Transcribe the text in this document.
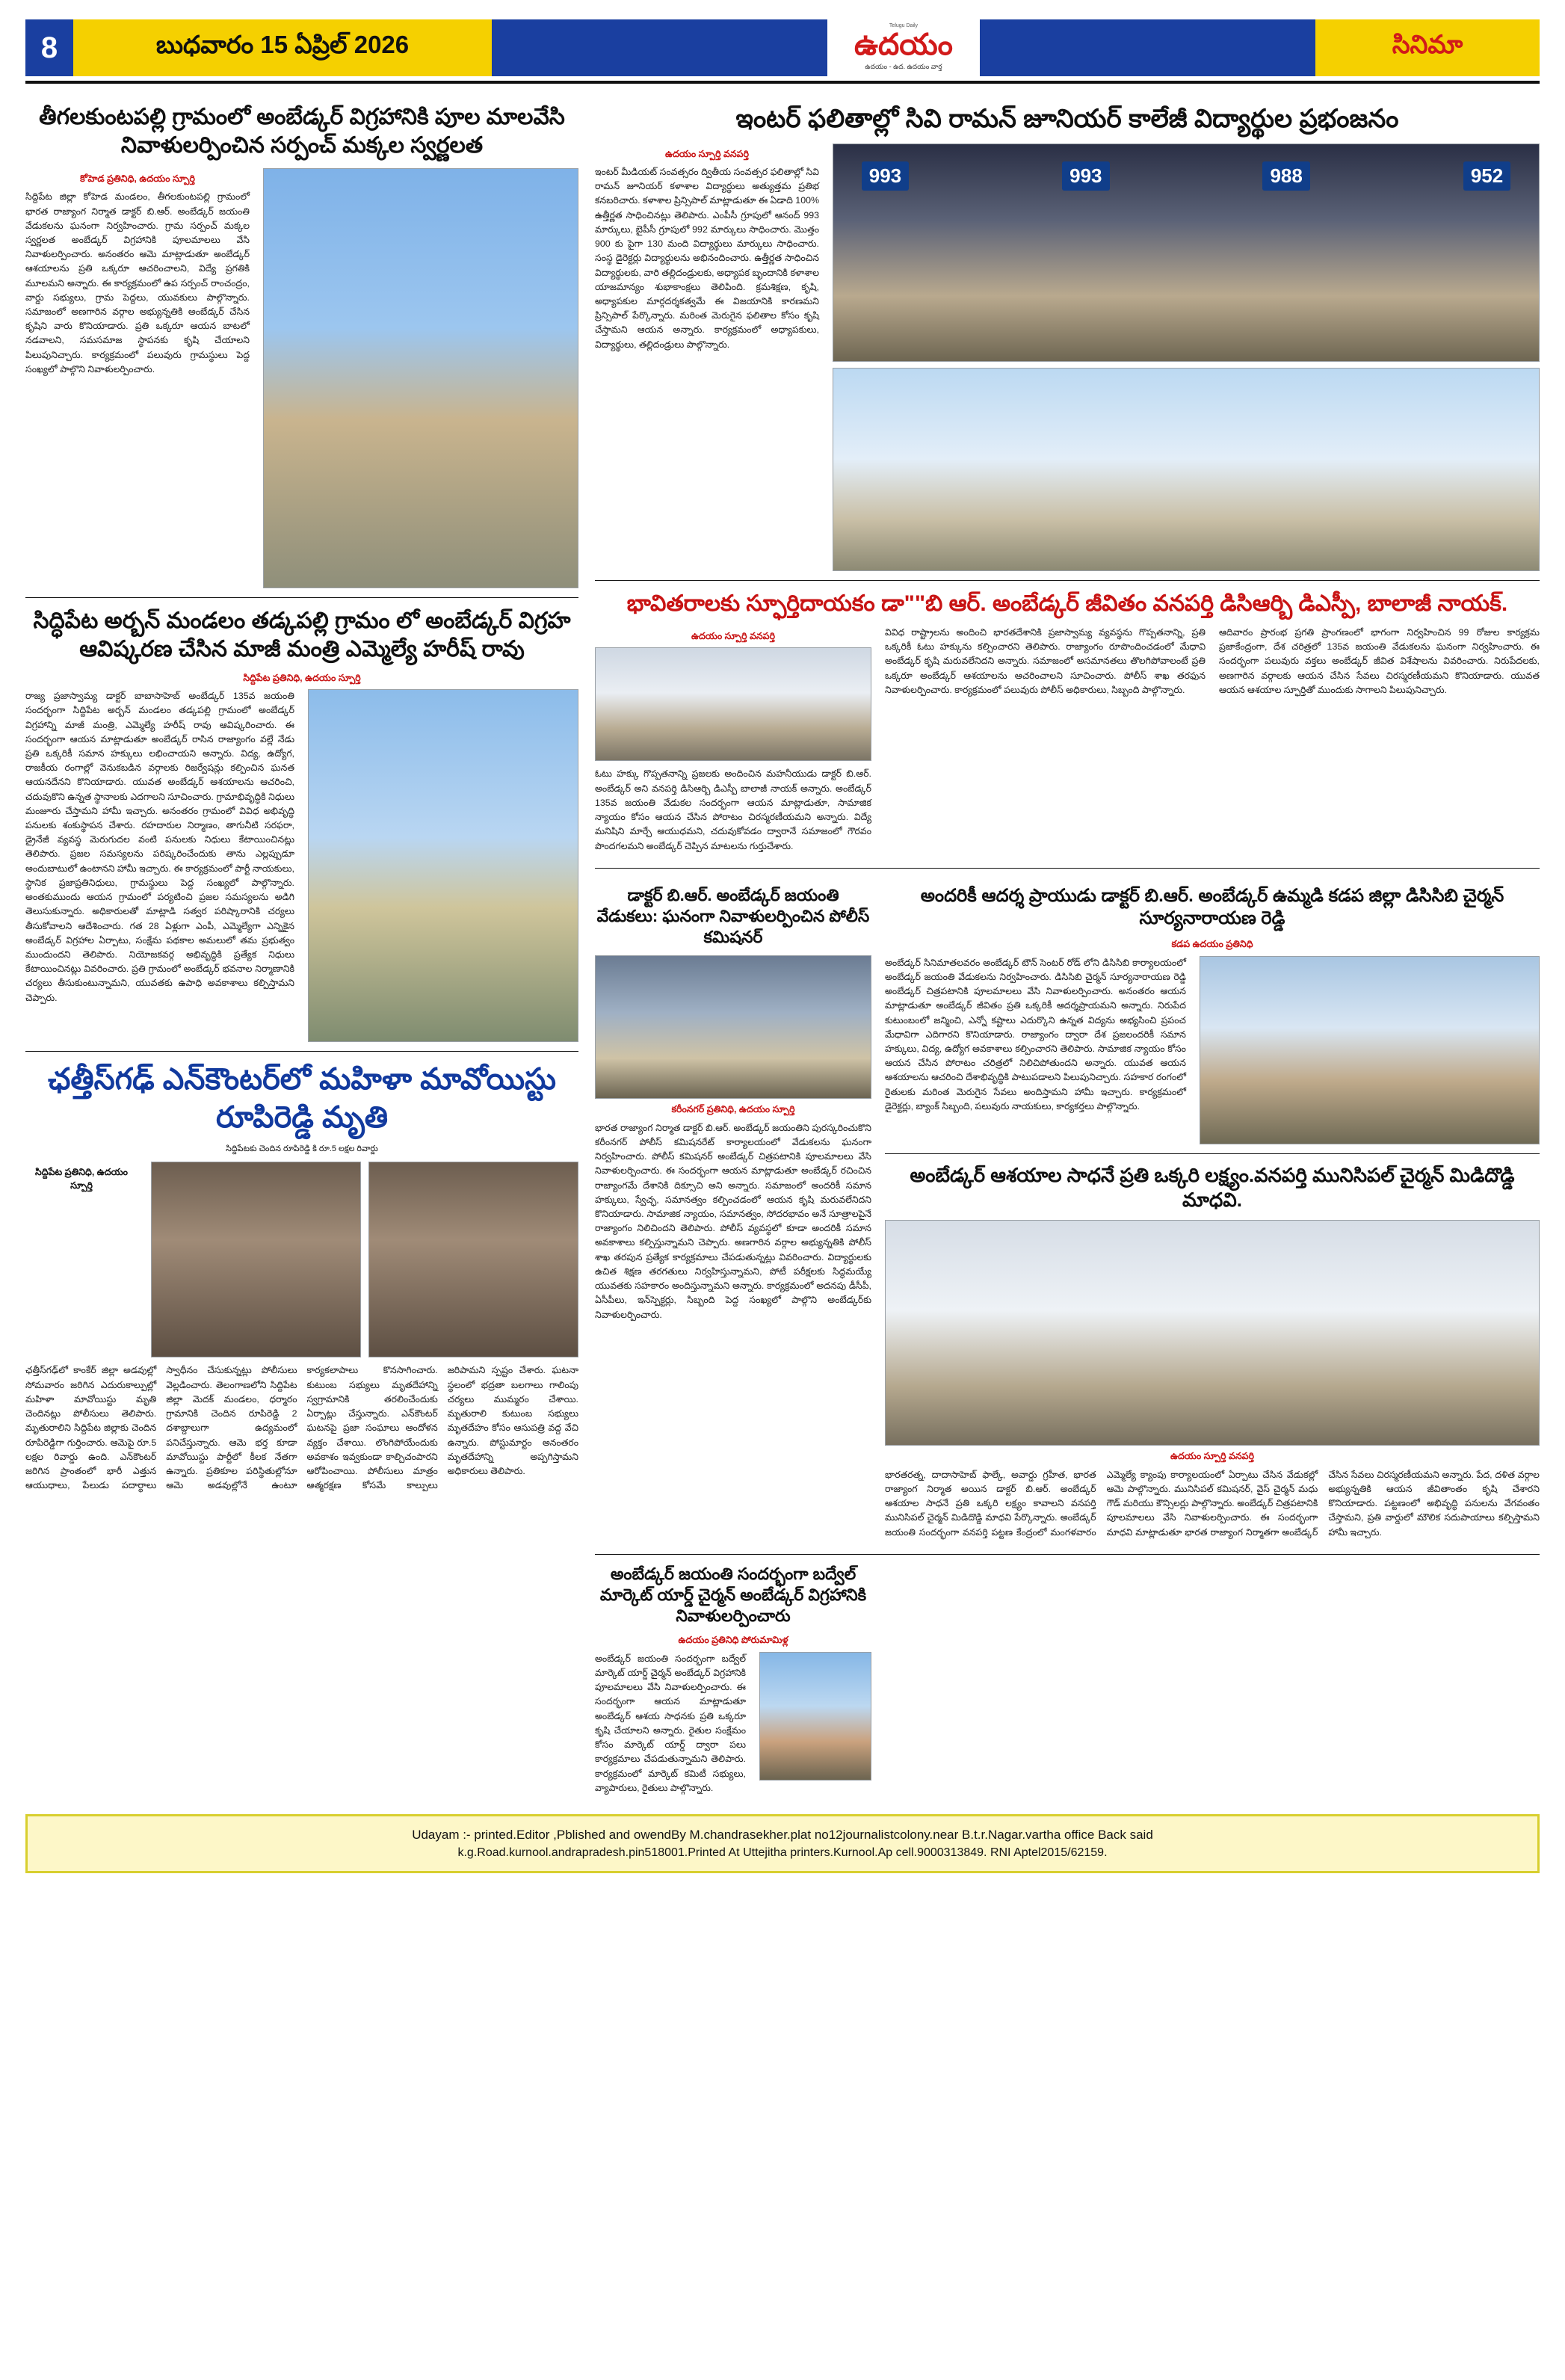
8	బుధవారం 15 ఏప్రిల్ 2026
Telugu Daily
ఉదయం
ఉదయం - ఉద. ఉదయం వార్త
సినిమా
తీగలకుంటపల్లి గ్రామంలో అంబేడ్కర్ విగ్రహానికి పూల మాలవేసి నివాళులర్పించిన సర్పంచ్ మక్కల స్వర్ణలత
కోహెడ ప్రతినిధి, ఉదయం స్పూర్తి

సిద్దిపేట జిల్లా కోహెడ మండలం, తీగలకుంటపల్లి గ్రామంలో భారత రాజ్యాంగ నిర్మాత డాక్టర్ బి.ఆర్. అంబేడ్కర్ జయంతి వేడుకలను ఘనంగా నిర్వహించారు. గ్రామ సర్పంచ్ మక్కల స్వర్ణలత అంబేడ్కర్ విగ్రహానికి పూలమాలలు వేసి నివాళులర్పించారు. అనంతరం ఆమె మాట్లాడుతూ అంబేడ్కర్ ఆశయాలను ప్రతి ఒక్కరూ ఆచరించాలని, విద్యే ప్రగతికి మూలమని అన్నారు. ఈ కార్యక్రమంలో ఉప సర్పంచ్ రాంచంద్రం, వార్డు సభ్యులు, గ్రామ పెద్దలు, యువకులు పాల్గొన్నారు. సమాజంలో అణగారిన వర్గాల అభ్యున్నతికి అంబేడ్కర్ చేసిన కృషిని వారు కొనియాడారు. ప్రతి ఒక్కరూ ఆయన బాటలో నడవాలని, సమసమాజ స్థాపనకు కృషి చేయాలని పిలుపునిచ్చారు. కార్యక్రమంలో పలువురు గ్రామస్థులు పెద్ద సంఖ్యలో పాల్గొని నివాళులర్పించారు.

సిద్ధిపేట అర్బన్ మండలం తడ్కపల్లి గ్రామం లో అంబేడ్కర్ విగ్రహ ఆవిష్కరణ చేసిన మాజీ మంత్రి ఎమ్మెల్యే హరీష్ రావు
సిద్దిపేట ప్రతినిధి, ఉదయం స్పూర్తి

రాజ్య ప్రజాస్వామ్య డాక్టర్ బాబాసాహెబ్ అంబేడ్కర్ 135వ జయంతి సందర్భంగా సిద్దిపేట అర్బన్ మండలం తడ్కపల్లి గ్రామంలో అంబేడ్కర్ విగ్రహాన్ని మాజీ మంత్రి, ఎమ్మెల్యే హరీష్ రావు ఆవిష్కరించారు. ఈ సందర్భంగా ఆయన మాట్లాడుతూ అంబేడ్కర్ రాసిన రాజ్యాంగం వల్లే నేడు ప్రతి ఒక్కరికీ సమాన హక్కులు లభించాయని అన్నారు. విద్య, ఉద్యోగ, రాజకీయ రంగాల్లో వెనుకబడిన వర్గాలకు రిజర్వేషన్లు కల్పించిన ఘనత ఆయనదేనని కొనియాడారు. యువత అంబేడ్కర్ ఆశయాలను ఆచరించి, చదువుకొని ఉన్నత స్థానాలకు ఎదగాలని సూచించారు. గ్రామాభివృద్ధికి నిధులు మంజూరు చేస్తామని హామీ ఇచ్చారు. అనంతరం గ్రామంలో వివిధ అభివృద్ధి పనులకు శంకుస్థాపన చేశారు. రహదారుల నిర్మాణం, తాగునీటి సరఫరా, డ్రైనేజీ వ్యవస్థ మెరుగుదల వంటి పనులకు నిధులు కేటాయించినట్లు తెలిపారు. ప్రజల సమస్యలను పరిష్కరించేందుకు తాను ఎల్లప్పుడూ అందుబాటులో ఉంటానని హామీ ఇచ్చారు. ఈ కార్యక్రమంలో పార్టీ నాయకులు, స్థానిక ప్రజాప్రతినిధులు, గ్రామస్థులు పెద్ద సంఖ్యలో పాల్గొన్నారు. అంతకుముందు ఆయన గ్రామంలో పర్యటించి ప్రజల సమస్యలను అడిగి తెలుసుకున్నారు. అధికారులతో మాట్లాడి సత్వర పరిష్కారానికి చర్యలు తీసుకోవాలని ఆదేశించారు. గత 28 ఏళ్లుగా ఎంపీ, ఎమ్మెల్యేగా ఎన్నికైన అంబేడ్కర్ విగ్రహాల ఏర్పాటు, సంక్షేమ పథకాల అమలులో తమ ప్రభుత్వం ముందుందని తెలిపారు. నియోజకవర్గ అభివృద్ధికి ప్రత్యేక నిధులు కేటాయించినట్లు వివరించారు. ప్రతి గ్రామంలో అంబేడ్కర్ భవనాల నిర్మాణానికి చర్యలు తీసుకుంటున్నామని, యువతకు ఉపాధి అవకాశాలు కల్పిస్తామని చెప్పారు.

ఛత్తీస్‌గఢ్ ఎన్‌కౌంటర్‌లో మహిళా మావోయిస్టు రూపిరెడ్డి మృతి
సిద్దిపేటకు చెందిన రూపిరెడ్డి కి రూ.5 లక్షల రివార్డు
సిద్దిపేట ప్రతినిధి, ఉదయం స్పూర్తి

ఛత్తీస్‌గఢ్‌లో కాంకేర్ జిల్లా అడవుల్లో సోమవారం జరిగిన ఎదురుకాల్పుల్లో మహిళా మావోయిస్టు మృతి చెందినట్లు పోలీసులు తెలిపారు. మృతురాలిని సిద్దిపేట జిల్లాకు చెందిన రూపిరెడ్డిగా గుర్తించారు. ఆమెపై రూ.5 లక్షల రివార్డు ఉంది. ఎన్‌కౌంటర్ జరిగిన ప్రాంతంలో భారీ ఎత్తున ఆయుధాలు, పేలుడు పదార్థాలు స్వాధీనం చేసుకున్నట్లు పోలీసులు వెల్లడించారు. తెలంగాణలోని సిద్దిపేట జిల్లా మెదక్ మండలం, ధర్మారం గ్రామానికి చెందిన రూపిరెడ్డి 2 దశాబ్దాలుగా ఉద్యమంలో పనిచేస్తున్నారు. ఆమె భర్త కూడా మావోయిస్టు పార్టీలో కీలక నేతగా ఉన్నారు. ప్రతికూల పరిస్థితుల్లోనూ ఆమె అడవుల్లోనే ఉంటూ కార్యకలాపాలు కొనసాగించారు. కుటుంబ సభ్యులు మృతదేహాన్ని స్వగ్రామానికి తరలించేందుకు ఏర్పాట్లు చేస్తున్నారు. ఎన్‌కౌంటర్ ఘటనపై ప్రజా సంఘాలు ఆందోళన వ్యక్తం చేశాయి. లొంగిపోయేందుకు అవకాశం ఇవ్వకుండా కాల్చిచంపారని ఆరోపించాయి. పోలీసులు మాత్రం ఆత్మరక్షణ కోసమే కాల్పులు జరిపామని స్పష్టం చేశారు. ఘటనా స్థలంలో భద్రతా బలగాలు గాలింపు చర్యలు ముమ్మరం చేశాయి. మృతురాలి కుటుంబ సభ్యులు మృతదేహం కోసం ఆసుపత్రి వద్ద వేచి ఉన్నారు. పోస్టుమార్టం అనంతరం మృతదేహాన్ని అప్పగిస్తామని అధికారులు తెలిపారు.

ఇంటర్ ఫలితాల్లో సివి రామన్ జూనియర్ కాలేజీ విద్యార్థుల ప్రభంజనం
ఉదయం స్పూర్తి వనపర్తి

ఇంటర్ మీడియట్ సంవత్సరం ద్వితీయ సంవత్సర ఫలితాల్లో సివి రామన్ జూనియర్ కళాశాల విద్యార్థులు అత్యుత్తమ ప్రతిభ కనబరిచారు. కళాశాల ప్రిన్సిపాల్ మాట్లాడుతూ ఈ ఏడాది 100% ఉత్తీర్ణత సాధించినట్లు తెలిపారు. ఎంపీసీ గ్రూపులో ఆనంద్ 993 మార్కులు, బైపీసీ గ్రూపులో 992 మార్కులు సాధించారు. మొత్తం 900 కు పైగా 130 మంది విద్యార్థులు మార్కులు సాధించారు. సంస్థ డైరెక్టర్లు విద్యార్థులను అభినందించారు. ఉత్తీర్ణత సాధించిన విద్యార్థులకు, వారి తల్లిదండ్రులకు, అధ్యాపక బృందానికి కళాశాల యాజమాన్యం శుభాకాంక్షలు తెలిపింది. క్రమశిక్షణ, కృషి, అధ్యాపకుల మార్గదర్శకత్వమే ఈ విజయానికి కారణమని ప్రిన్సిపాల్ పేర్కొన్నారు. మరింత మెరుగైన ఫలితాల కోసం కృషి చేస్తామని ఆయన అన్నారు. కార్యక్రమంలో అధ్యాపకులు, విద్యార్థులు, తల్లిదండ్రులు పాల్గొన్నారు.

993	993	988	952
భావితరాలకు స్ఫూర్తిదాయకం డా""బి ఆర్. అంబేడ్కర్ జీవితం వనపర్తి డిసిఆర్బి డిఎస్పీ, బాలాజీ నాయక్.
ఉదయం స్పూర్తి వనపర్తి

ఓటు హక్కు గొప్పతనాన్ని ప్రజలకు అందించిన మహనీయుడు డాక్టర్ బి.ఆర్. అంబేడ్కర్ అని వనపర్తి డిసిఆర్బి డిఎస్పీ బాలాజీ నాయక్ అన్నారు. అంబేడ్కర్ 135వ జయంతి వేడుకల సందర్భంగా ఆయన మాట్లాడుతూ, సామాజిక న్యాయం కోసం ఆయన చేసిన పోరాటం చిరస్మరణీయమని అన్నారు. విద్యే మనిషిని మార్చే ఆయుధమని, చదువుకోవడం ద్వారానే సమాజంలో గౌరవం పొందగలమని అంబేడ్కర్ చెప్పిన మాటలను గుర్తుచేశారు.

వివిధ రాష్ట్రాలను అందించి భారతదేశానికి ప్రజాస్వామ్య వ్యవస్థను గొప్పతనాన్ని, ప్రతి ఒక్కరికీ ఓటు హక్కును కల్పించారని తెలిపారు. రాజ్యాంగం రూపొందించడంలో మేధావి అంబేడ్కర్ కృషి మరువలేనిదని అన్నారు. సమాజంలో అసమానతలు తొలగిపోవాలంటే ప్రతి ఒక్కరూ అంబేడ్కర్ ఆశయాలను ఆచరించాలని సూచించారు. పోలీస్ శాఖ తరఫున నివాళులర్పించారు. కార్యక్రమంలో పలువురు పోలీస్ అధికారులు, సిబ్బంది పాల్గొన్నారు.

ఆదివారం ప్రారంభ ప్రగతి ప్రాంగణంలో భాగంగా నిర్వహించిన 99 రోజుల కార్యక్రమ ప్రజాకేంద్రంగా, దేశ చరిత్రలో 135వ జయంతి వేడుకలను ఘనంగా నిర్వహించారు. ఈ సందర్భంగా పలువురు వక్తలు అంబేడ్కర్ జీవిత విశేషాలను వివరించారు. నిరుపేదలకు, అణగారిన వర్గాలకు ఆయన చేసిన సేవలు చిరస్మరణీయమని కొనియాడారు. యువత ఆయన ఆశయాల స్ఫూర్తితో ముందుకు సాగాలని పిలుపునిచ్చారు.

డాక్టర్ బి.ఆర్. అంబేడ్కర్ జయంతి వేడుకలు: ఘనంగా నివాళులర్పించిన పోలీస్ కమిషనర్
కరీంనగర్ ప్రతినిధి, ఉదయం స్పూర్తి

భారత రాజ్యాంగ నిర్మాత డాక్టర్ బి.ఆర్. అంబేడ్కర్ జయంతిని పురస్కరించుకొని కరీంనగర్ పోలీస్ కమిషనరేట్ కార్యాలయంలో వేడుకలను ఘనంగా నిర్వహించారు. పోలీస్ కమిషనర్ అంబేడ్కర్ చిత్రపటానికి పూలమాలలు వేసి నివాళులర్పించారు. ఈ సందర్భంగా ఆయన మాట్లాడుతూ అంబేడ్కర్ రచించిన రాజ్యాంగమే దేశానికి దిక్సూచి అని అన్నారు. సమాజంలో అందరికీ సమాన హక్కులు, స్వేచ్ఛ, సమానత్వం కల్పించడంలో ఆయన కృషి మరువలేనిదని కొనియాడారు. సామాజిక న్యాయం, సమానత్వం, సోదరభావం అనే సూత్రాలపైనే రాజ్యాంగం నిలిచిందని తెలిపారు. పోలీస్ వ్యవస్థలో కూడా అందరికీ సమాన అవకాశాలు కల్పిస్తున్నామని చెప్పారు. అణగారిన వర్గాల అభ్యున్నతికి పోలీస్ శాఖ తరపున ప్రత్యేక కార్యక్రమాలు చేపడుతున్నట్లు వివరించారు. విద్యార్థులకు ఉచిత శిక్షణ తరగతులు నిర్వహిస్తున్నామని, పోటీ పరీక్షలకు సిద్ధమయ్యే యువతకు సహకారం అందిస్తున్నామని అన్నారు. కార్యక్రమంలో అదనపు డీసీపీ, ఏసీపీలు, ఇన్‌స్పెక్టర్లు, సిబ్బంది పెద్ద సంఖ్యలో పాల్గొని అంబేడ్కర్‌కు నివాళులర్పించారు.

అందరికీ ఆదర్శ ప్రాయుడు డాక్టర్ బి.ఆర్. అంబేడ్కర్ ఉమ్మడి కడప జిల్లా డిసిసిబి చైర్మన్ సూర్యనారాయణ రెడ్డి
కడప ఉదయం ప్రతినిధి

అంబేడ్కర్ సినిమాతలవరం అంబేడ్కర్ టౌన్ సెంటర్ రోడ్ లోని డిసిసిబి కార్యాలయంలో అంబేడ్కర్ జయంతి వేడుకలను నిర్వహించారు. డిసిసిబి చైర్మన్ సూర్యనారాయణ రెడ్డి అంబేడ్కర్ చిత్రపటానికి పూలమాలలు వేసి నివాళులర్పించారు. అనంతరం ఆయన మాట్లాడుతూ అంబేడ్కర్ జీవితం ప్రతి ఒక్కరికీ ఆదర్శప్రాయమని అన్నారు. నిరుపేద కుటుంబంలో జన్మించి, ఎన్నో కష్టాలు ఎదుర్కొని ఉన్నత విద్యను అభ్యసించి ప్రపంచ మేధావిగా ఎదిగారని కొనియాడారు. రాజ్యాంగం ద్వారా దేశ ప్రజలందరికీ సమాన హక్కులు, విద్య, ఉద్యోగ అవకాశాలు కల్పించారని తెలిపారు. సామాజిక న్యాయం కోసం ఆయన చేసిన పోరాటం చరిత్రలో నిలిచిపోతుందని అన్నారు. యువత ఆయన ఆశయాలను ఆచరించి దేశాభివృద్ధికి పాటుపడాలని పిలుపునిచ్చారు. సహకార రంగంలో రైతులకు మరింత మెరుగైన సేవలు అందిస్తామని హామీ ఇచ్చారు. కార్యక్రమంలో డైరెక్టర్లు, బ్యాంక్ సిబ్బంది, పలువురు నాయకులు, కార్యకర్తలు పాల్గొన్నారు.

అంబేడ్కర్ ఆశయాల సాధనే ప్రతి ఒక్కరి లక్ష్యం.వనపర్తి మునిసిపల్ చైర్మన్ మిడిదొడ్డి మాధవి.
ఉదయం స్పూర్తి వనపర్తి

భారతరత్న, దాదాసాహెబ్ ఫాల్కే, అవార్డు గ్రహీత, భారత రాజ్యాంగ నిర్మాత అయిన డాక్టర్ బి.ఆర్. అంబేడ్కర్ ఆశయాల సాధనే ప్రతి ఒక్కరి లక్ష్యం కావాలని వనపర్తి మునిసిపల్ చైర్మన్ మిడిదొడ్డి మాధవి పేర్కొన్నారు. అంబేడ్కర్ జయంతి సందర్భంగా వనపర్తి పట్టణ కేంద్రంలో మంగళవారం ఎమ్మెల్యే క్యాంపు కార్యాలయంలో ఏర్పాటు చేసిన వేడుకల్లో ఆమె పాల్గొన్నారు. మునిసిపల్ కమిషనర్, వైస్ చైర్మన్ మధు గౌడ్ మరియు కౌన్సిలర్లు పాల్గొన్నారు. అంబేడ్కర్ చిత్రపటానికి పూలమాలలు వేసి నివాళులర్పించారు. ఈ సందర్భంగా మాధవి మాట్లాడుతూ భారత రాజ్యాంగ నిర్మాతగా అంబేడ్కర్ చేసిన సేవలు చిరస్మరణీయమని అన్నారు. పేద, దళిత వర్గాల అభ్యున్నతికి ఆయన జీవితాంతం కృషి చేశారని కొనియాడారు. పట్టణంలో అభివృద్ధి పనులను వేగవంతం చేస్తామని, ప్రతి వార్డులో మౌలిక సదుపాయాలు కల్పిస్తామని హామీ ఇచ్చారు.

అంబేడ్కర్ జయంతి సందర్భంగా బద్వేల్ మార్కెట్ యార్డ్ చైర్మన్ అంబేడ్కర్ విగ్రహానికి నివాళులర్పించారు
ఉదయం ప్రతినిధి పోరుమామిళ్ల

అంబేడ్కర్ జయంతి సందర్భంగా బద్వేల్ మార్కెట్ యార్డ్ చైర్మన్ అంబేడ్కర్ విగ్రహానికి పూలమాలలు వేసి నివాళులర్పించారు. ఈ సందర్భంగా ఆయన మాట్లాడుతూ అంబేడ్కర్ ఆశయ సాధనకు ప్రతి ఒక్కరూ కృషి చేయాలని అన్నారు. రైతుల సంక్షేమం కోసం మార్కెట్ యార్డ్ ద్వారా పలు కార్యక్రమాలు చేపడుతున్నామని తెలిపారు. కార్యక్రమంలో మార్కెట్ కమిటీ సభ్యులు, వ్యాపారులు, రైతులు పాల్గొన్నారు.

Udayam :- printed.Editor ,Pblished and owendBy M.chandrasekher.plat no12journalistcolony.near B.t.r.Nagar.vartha office Back said
k.g.Road.kurnool.andrapradesh.pin518001.Printed At Uttejitha printers.Kurnool.Ap cell.9000313849. RNI Aptel2015/62159.
